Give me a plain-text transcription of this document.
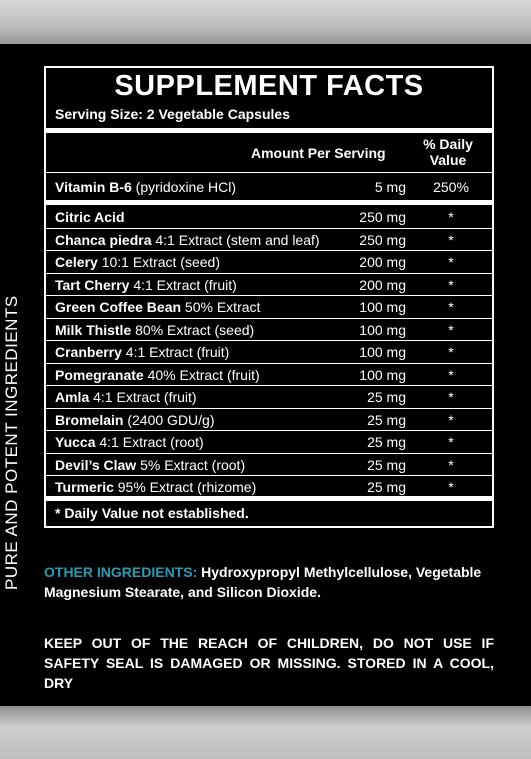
PURE AND POTENT INGREDIENTS
SUPPLEMENT FACTS
Serving Size: 2 Vegetable Capsules
Amount Per Serving
% Daily
Value
Vitamin B-6 (pyridoxine HCl)	5 mg	250%
Citric Acid	250 mg	*
Chanca piedra 4:1 Extract (stem and leaf)	250 mg	*
Celery 10:1 Extract (seed)	200 mg	*
Tart Cherry 4:1 Extract (fruit)	200 mg	*
Green Coffee Bean 50% Extract	100 mg	*
Milk Thistle 80% Extract (seed)	100 mg	*
Cranberry 4:1 Extract (fruit)	100 mg	*
Pomegranate 40% Extract (fruit)	100 mg	*
Amla 4:1 Extract (fruit)	25 mg	*
Bromelain (2400 GDU/g)	25 mg	*
Yucca 4:1 Extract (root)	25 mg	*
Devil’s Claw 5% Extract (root)	25 mg	*
Turmeric 95% Extract (rhizome)	25 mg	*
* Daily Value not established.
OTHER INGREDIENTS: Hydroxypropyl Methylcellulose, Vegetable Magnesium Stearate, and Silicon Dioxide.
KEEP OUT OF THE REACH OF CHILDREN, DO NOT USE IF SAFETY SEAL IS DAMAGED OR MISSING. STORED IN A COOL, DRY
